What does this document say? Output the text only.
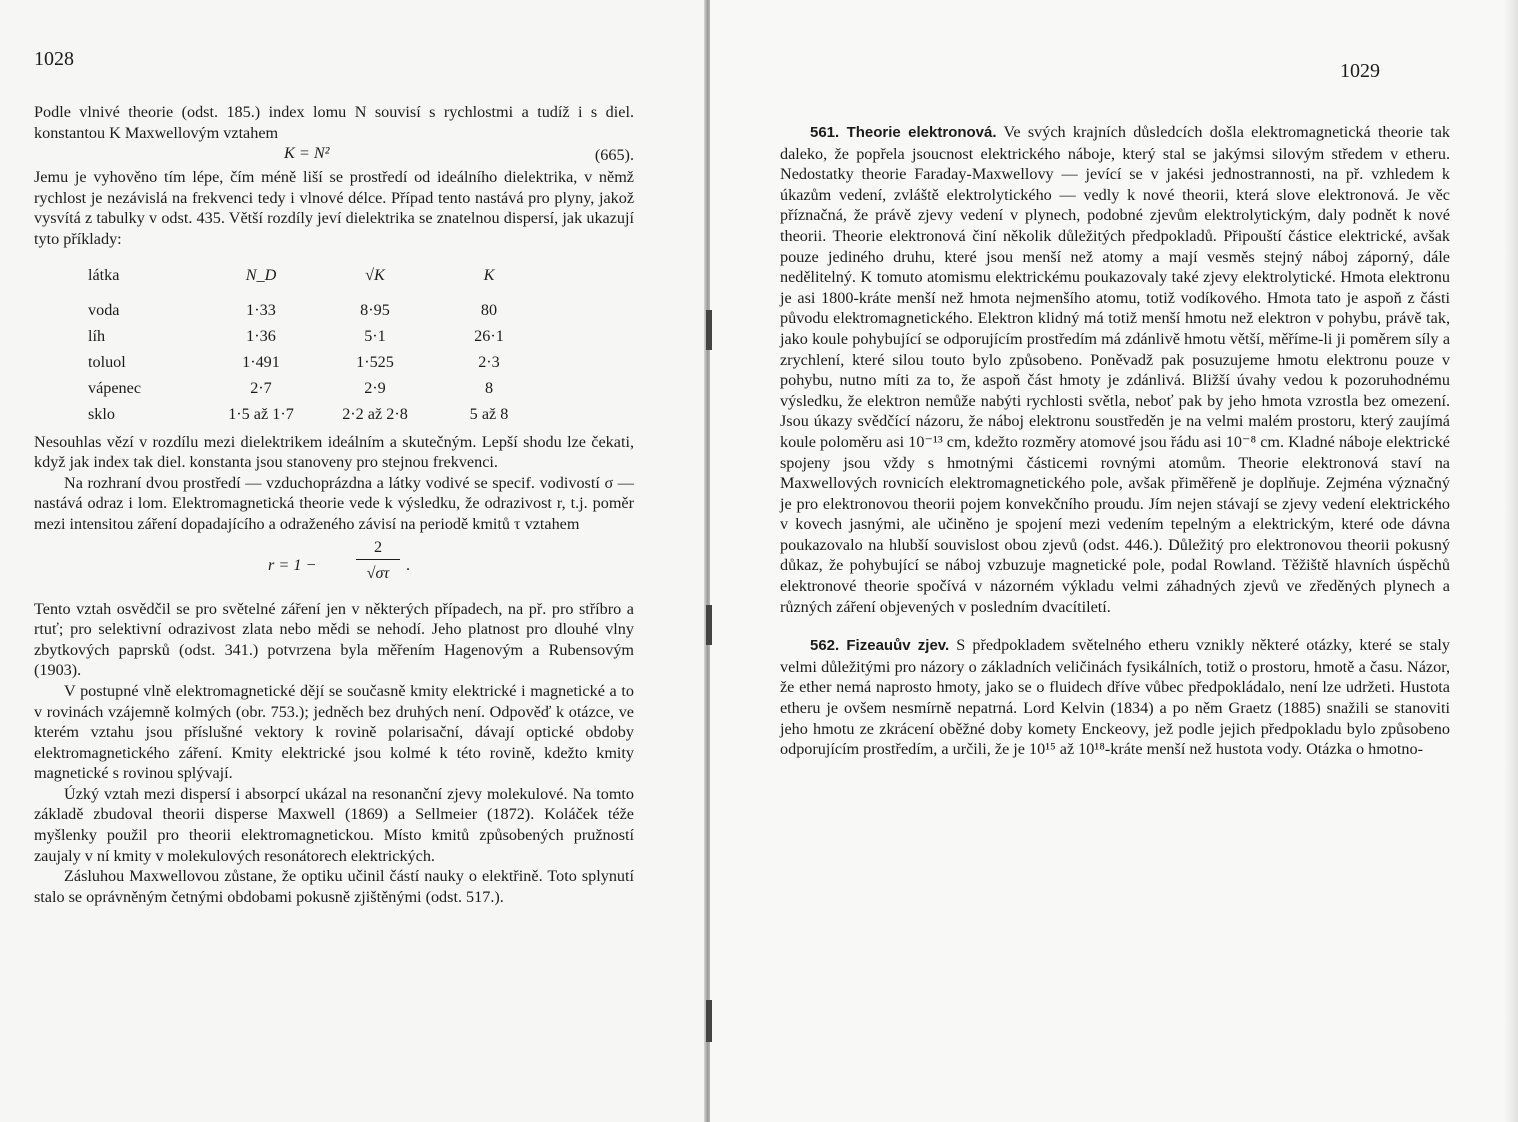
1028

Podle vlnivé theorie (odst. 185.) index lomu N souvisí s rychlostmi a tudíž i s diel. konstantou K Maxwellovým vztahem

K = N²	(665).

Jemu je vyhověno tím lépe, čím méně liší se prostředí od ideálního dielektrika, v němž rychlost je nezávislá na frekvenci tedy i vlnové délce. Případ tento nastává pro plyny, jakož vysvítá z tabulky v odst. 435. Větší rozdíly jeví dielektrika se znatelnou dispersí, jak ukazují tyto příklady:

látka	N_D	√K	K
voda	1·33	8·95	80
líh	1·36	5·1	26·1
toluol	1·491	1·525	2·3
vápenec	2·7	2·9	8
sklo	1·5 až 1·7	2·2 až 2·8	5 až 8

Nesouhlas vězí v rozdílu mezi dielektrikem ideálním a skutečným. Lepší shodu lze čekati, když jak index tak diel. konstanta jsou stanoveny pro stejnou frekvenci.

Na rozhraní dvou prostředí — vzduchoprázdna a látky vodivé se specif. vodivostí σ — nastává odraz i lom. Elektromagnetická theorie vede k výsledku, že odrazivost r, t.j. poměr mezi intensitou záření dopadajícího a odraženého závisí na periodě kmitů τ vztahem

r = 1 −
2
√στ	.

Tento vztah osvědčil se pro světelné záření jen v některých případech, na př. pro stříbro a rtuť; pro selektivní odrazivost zlata nebo mědi se nehodí. Jeho platnost pro dlouhé vlny zbytkových paprsků (odst. 341.) potvrzena byla měřením Hagenovým a Rubensovým (1903).

V postupné vlně elektromagnetické dějí se současně kmity elektrické i magnetické a to v rovinách vzájemně kolmých (obr. 753.); jedněch bez druhých není. Odpověď k otázce, ve kterém vztahu jsou příslušné vektory k rovině polarisační, dávají optické obdoby elektromagnetického záření. Kmity elektrické jsou kolmé k této rovině, kdežto kmity magnetické s rovinou splývají.

Úzký vztah mezi dispersí i absorpcí ukázal na resonanční zjevy molekulové. Na tomto základě zbudoval theorii disperse Maxwell (1869) a Sellmeier (1872). Koláček téže myšlenky použil pro theorii elektromagnetickou. Místo kmitů způsobených pružností zaujaly v ní kmity v molekulových resonátorech elektrických.

Zásluhou Maxwellovou zůstane, že optiku učinil částí nauky o elektřině. Toto splynutí stalo se oprávněným četnými obdobami pokusně zjištěnými (odst. 517.).

1029

561. Theorie elektronová. Ve svých krajních důsledcích došla elektromagnetická theorie tak daleko, že popřela jsoucnost elektrického náboje, který stal se jakýmsi silovým středem v etheru. Nedostatky theorie Faraday-Maxwellovy — jevící se v jakési jednostrannosti, na př. vzhledem k úkazům vedení, zvláště elektrolytického — vedly k nové theorii, která slove elektronová. Je věc příznačná, že právě zjevy vedení v plynech, podobné zjevům elektrolytickým, daly podnět k nové theorii. Theorie elektronová činí několik důležitých předpokladů. Připouští částice elektrické, avšak pouze jediného druhu, které jsou menší než atomy a mají vesměs stejný náboj záporný, dále nedělitelný. K tomuto atomismu elektrickému poukazovaly také zjevy elektrolytické. Hmota elektronu je asi 1800-kráte menší než hmota nejmenšího atomu, totiž vodíkového. Hmota tato je aspoň z části původu elektromagnetického. Elektron klidný má totiž menší hmotu než elektron v pohybu, právě tak, jako koule pohybující se odporujícím prostředím má zdánlivě hmotu větší, měříme-li ji poměrem síly a zrychlení, které silou touto bylo způsobeno. Poněvadž pak posuzujeme hmotu elektronu pouze v pohybu, nutno míti za to, že aspoň část hmoty je zdánlivá. Bližší úvahy vedou k pozoruhodnému výsledku, že elektron nemůže nabýti rychlosti světla, neboť pak by jeho hmota vzrostla bez omezení. Jsou úkazy svědčící názoru, že náboj elektronu soustředěn je na velmi malém prostoru, který zaujímá koule poloměru asi 10⁻¹³ cm, kdežto rozměry atomové jsou řádu asi 10⁻⁸ cm. Kladné náboje elektrické spojeny jsou vždy s hmotnými částicemi rovnými atomům. Theorie elektronová staví na Maxwellových rovnicích elektromagnetického pole, avšak přiměřeně je doplňuje. Zejména význačný je pro elektronovou theorii pojem konvekčního proudu. Jím nejen stávají se zjevy vedení elektrického v kovech jasnými, ale učiněno je spojení mezi vedením tepelným a elektrickým, které ode dávna poukazovalo na hlubší souvislost obou zjevů (odst. 446.). Důležitý pro elektronovou theorii pokusný důkaz, že pohybující se náboj vzbuzuje magnetické pole, podal Rowland. Těžiště hlavních úspěchů elektronové theorie spočívá v názorném výkladu velmi záhadných zjevů ve zředěných plynech a různých záření objevených v posledním dvacítiletí.

562. Fizeauův zjev. S předpokladem světelného etheru vznikly některé otázky, které se staly velmi důležitými pro názory o základních veličinách fysikálních, totiž o prostoru, hmotě a času. Názor, že ether nemá naprosto hmoty, jako se o fluidech dříve vůbec předpokládalo, není lze udržeti. Hustota etheru je ovšem nesmírně nepatrná. Lord Kelvin (1834) a po něm Graetz (1885) snažili se stanoviti jeho hmotu ze zkrácení oběžné doby komety Enckeovy, jež podle jejich předpokladu bylo způsobeno odporujícím prostředím, a určili, že je 10¹⁵ až 10¹⁸-kráte menší než hustota vody. Otázka o hmotno-
